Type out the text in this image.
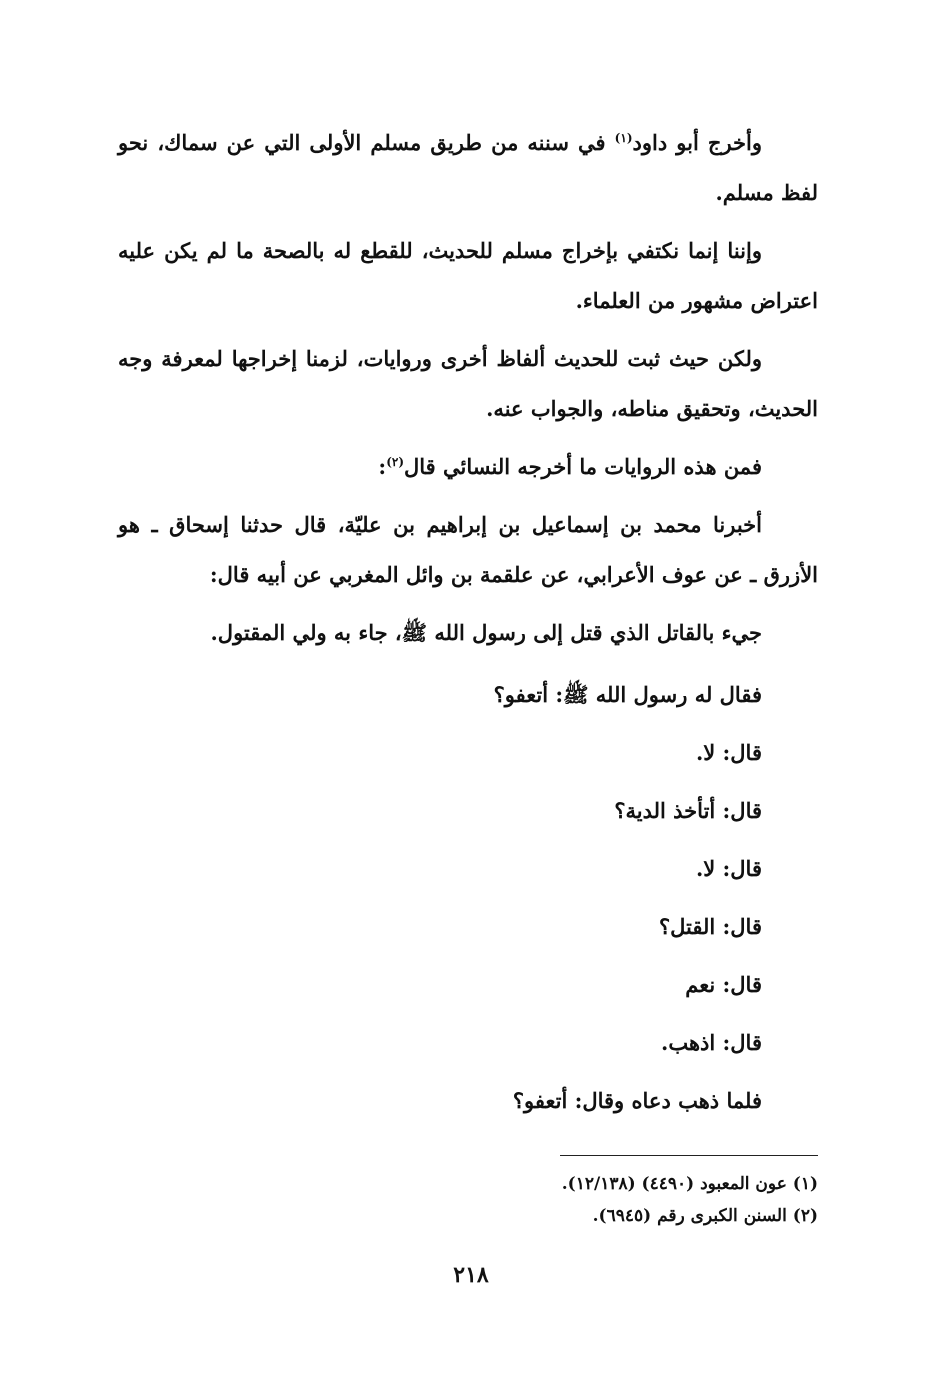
وأخرج أبو داود$^{(١)}$ في سننه من طريق مسلم الأولى التي عن سماك، نحو لفظ مسلم.

وإننا إنما نكتفي بإخراج مسلم للحديث، للقطع له بالصحة ما لم يكن عليه اعتراض مشهور من العلماء.

ولكن حيث ثبت للحديث ألفاظ أخرى وروايات، لزمنا إخراجها لمعرفة وجه الحديث، وتحقيق مناطه، والجواب عنه.

فمن هذه الروايات ما أخرجه النسائي قال$^{(٢)}$:

أخبرنا محمد بن إسماعيل بن إبراهيم بن عليّة، قال حدثنا إسحاق ـ هو الأزرق ـ عن عوف الأعرابي، عن علقمة بن وائل المغربي عن أبيه قال:

جيء بالقاتل الذي قتل إلى رسول الله ﷺ، جاء به ولي المقتول.

فقال له رسول الله ﷺ: أتعفو؟

قال: لا.

قال: أتأخذ الدية؟

قال: لا.

قال: القتل؟

قال: نعم

قال: اذهب.

فلما ذهب دعاه وقال: أتعفو؟

(١) عون المعبود (٤٤٩٠) (١٢/١٣٨).

(٢) السنن الكبرى رقم (٦٩٤٥).

٢١٨
